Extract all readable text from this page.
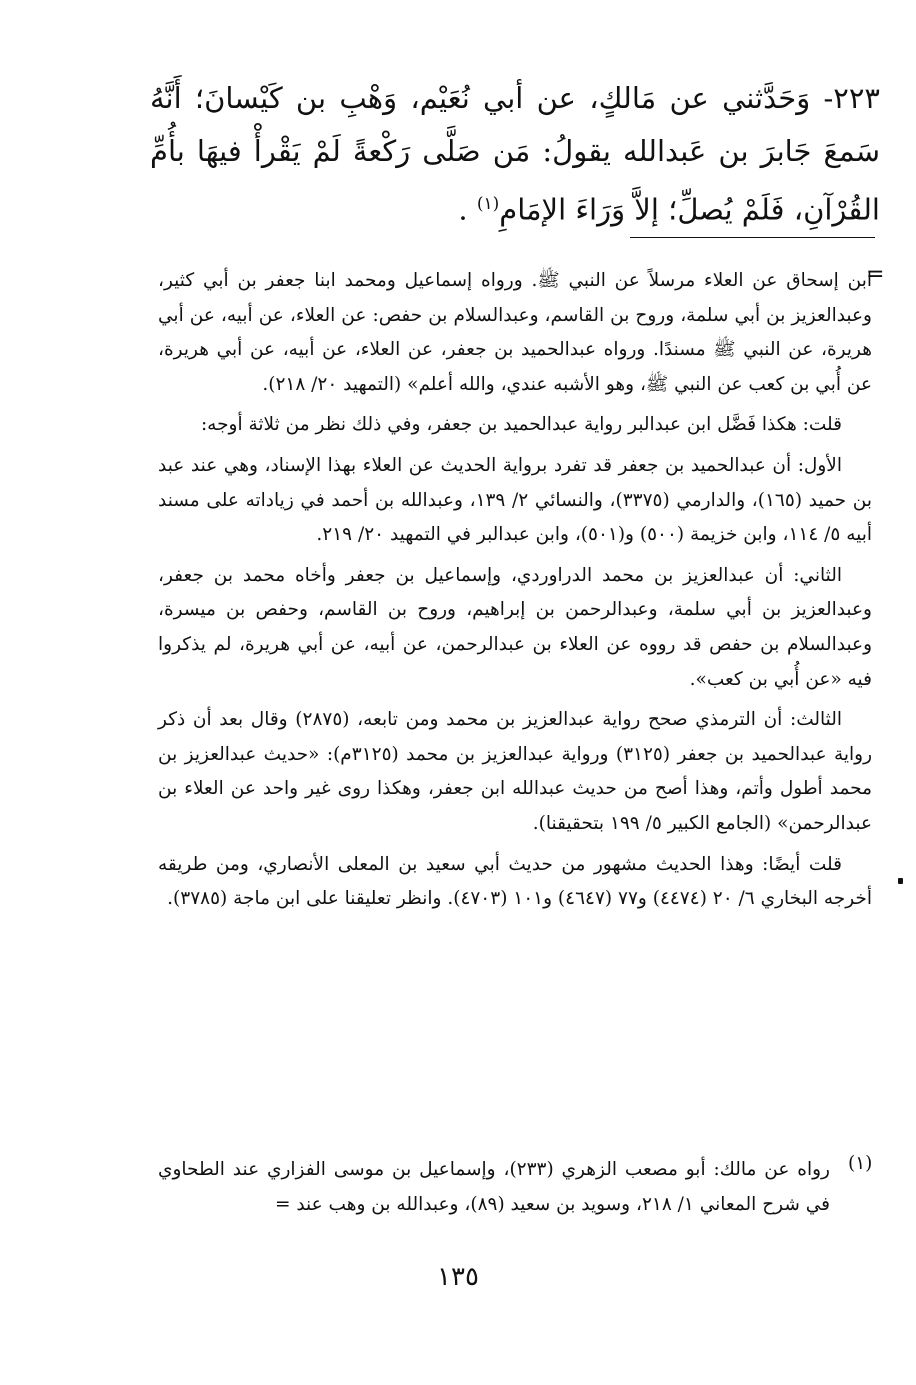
٢٢٣- وَحَدَّثني عن مَالكٍ، عن أبي نُعَيْم، وَهْبِ بن كَيْسانَ؛ أَنَّهُ سَمعَ جَابرَ بن عَبدالله يقولُ: مَن صَلَّى رَكْعةً لَمْ يَقْرأْ فيهَا بأُمِّ القُرْآنِ، فَلَمْ يُصلِّ؛ إلاَّ وَرَاءَ الإمَامِ$^{(١)}$ .

=

ابن إسحاق عن العلاء مرسلاً عن النبي ﷺ. ورواه إسماعيل ومحمد ابنا جعفر بن أبي كثير، وعبدالعزيز بن أبي سلمة، وروح بن القاسم، وعبدالسلام بن حفص: عن العلاء، عن أبيه، عن أبي هريرة، عن النبي ﷺ مسندًا. ورواه عبدالحميد بن جعفر، عن العلاء، عن أبيه، عن أبي هريرة، عن أُبي بن كعب عن النبي ﷺ، وهو الأشبه عندي، والله أعلم» (التمهيد ٢٠/ ٢١٨).

قلت: هكذا فَضَّل ابن عبدالبر رواية عبدالحميد بن جعفر، وفي ذلك نظر من ثلاثة أوجه:

الأول: أن عبدالحميد بن جعفر قد تفرد برواية الحديث عن العلاء بهذا الإسناد، وهي عند عبد بن حميد (١٦٥)، والدارمي (٣٣٧٥)، والنسائي ٢/ ١٣٩، وعبدالله بن أحمد في زياداته على مسند أبيه ٥/ ١١٤، وابن خزيمة (٥٠٠) و(٥٠١)، وابن عبدالبر في التمهيد ٢٠/ ٢١٩.

الثاني: أن عبدالعزيز بن محمد الدراوردي، وإسماعيل بن جعفر وأخاه محمد بن جعفر، وعبدالعزيز بن أبي سلمة، وعبدالرحمن بن إبراهيم، وروح بن القاسم، وحفص بن ميسرة، وعبدالسلام بن حفص قد رووه عن العلاء بن عبدالرحمن، عن أبيه، عن أبي هريرة، لم يذكروا فيه «عن أُبي بن كعب».

الثالث: أن الترمذي صحح رواية عبدالعزيز بن محمد ومن تابعه، (٢٨٧٥) وقال بعد أن ذكر رواية عبدالحميد بن جعفر (٣١٢٥) ورواية عبدالعزيز بن محمد (٣١٢٥م): «حديث عبدالعزيز بن محمد أطول وأتم، وهذا أصح من حديث عبدالله ابن جعفر، وهكذا روى غير واحد عن العلاء بن عبدالرحمن» (الجامع الكبير ٥/ ١٩٩ بتحقيقنا).

قلت أيضًا: وهذا الحديث مشهور من حديث أبي سعيد بن المعلى الأنصاري، ومن طريقه أخرجه البخاري ٦/ ٢٠ (٤٤٧٤) و٧٧ (٤٦٤٧) و١٠١ (٤٧٠٣). وانظر تعليقنا على ابن ماجة (٣٧٨٥).

(١)

رواه عن مالك: أبو مصعب الزهري (٢٣٣)، وإسماعيل بن موسى الفزاري عند الطحاوي في شرح المعاني ١/ ٢١٨، وسويد بن سعيد (٨٩)، وعبدالله بن وهب عند =

١٣٥
